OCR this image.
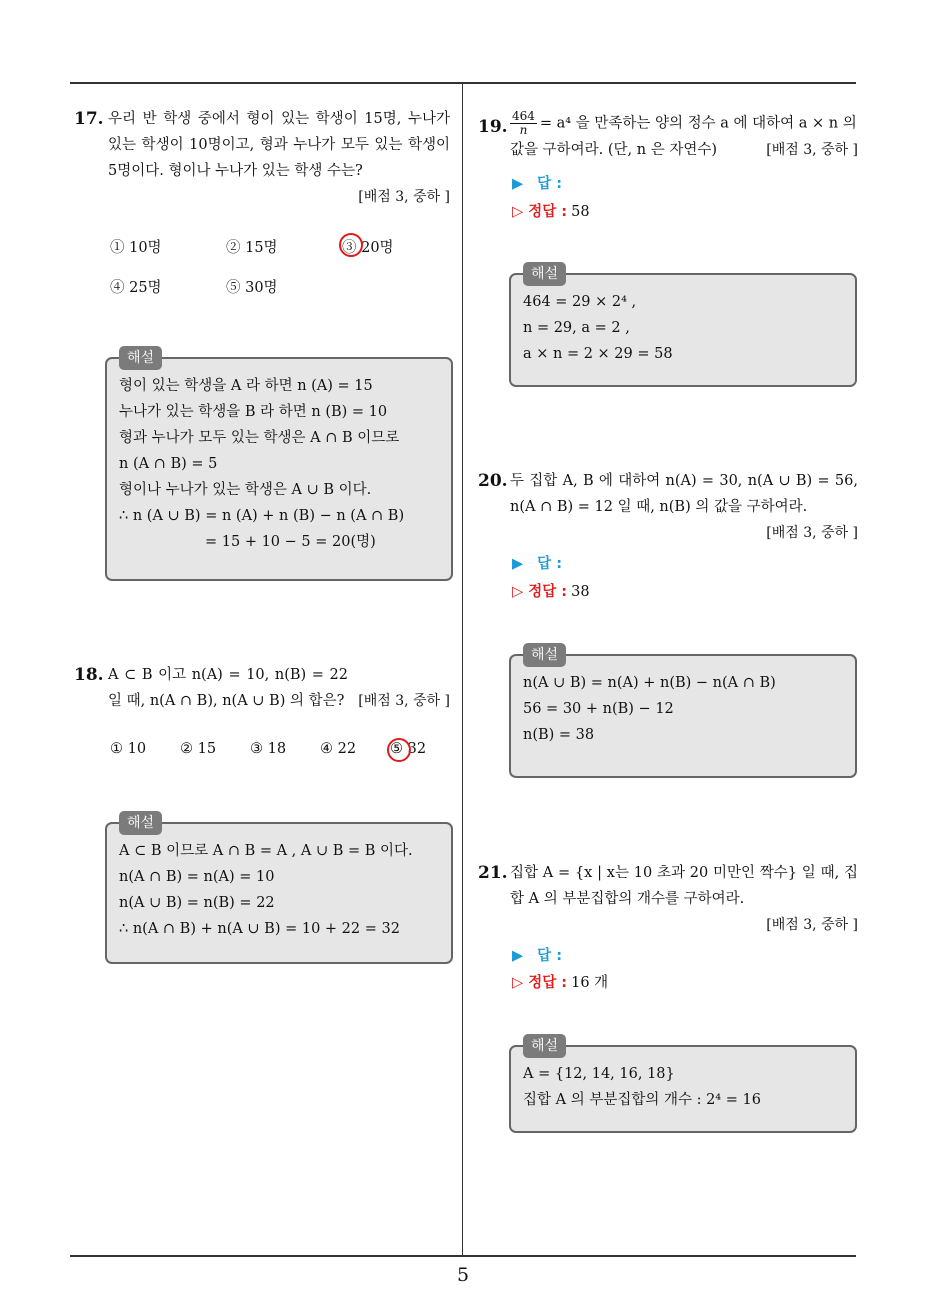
17. 우리 반 학생 중에서 형이 있는 학생이 15명, 누나가 있는 학생이 10명이고, 형과 누나가 모두 있는 학생이 5명이다. 형이나 누나가 있는 학생 수는?
[배점 3, 중하 ]
① 10명	② 15명	③ 20명
④ 25명	⑤ 30명
해설
형이 있는 학생을 A 라 하면 n (A) = 15
누나가 있는 학생을 B 라 하면 n (B) = 10
형과 누나가 모두 있는 학생은 A ∩ B 이므로
n (A ∩ B) = 5
형이나 누나가 있는 학생은 A ∪ B 이다.
∴ n (A ∪ B) = n (A) + n (B) − n (A ∩ B)
= 15 + 10 − 5 = 20(명)
18. A ⊂ B 이고 n(A) = 10, n(B) = 22 일 때, n(A ∩ B), n(A ∪ B) 의 합은? [배점 3, 중하 ]
① 10 ② 15 ③ 18 ④ 22 ⑤ 32
해설
A ⊂ B 이므로 A ∩ B = A , A ∪ B = B 이다.
n(A ∩ B) = n(A) = 10
n(A ∪ B) = n(B) = 22
∴ n(A ∩ B) + n(A ∪ B) = 10 + 22 = 32
19. $\frac{464}{n} = a^4$ 을 만족하는 양의 정수 a 에 대하여 a × n 의
값을 구하여라. (단, n 은 자연수)	[배점 3, 중하 ]
▶ 답 :
▷ 정답 : 58
해설
464 = 29 × 2⁴ ,
n = 29, a = 2 ,
a × n = 2 × 29 = 58
20. 두 집합 A, B 에 대하여 n(A) = 30, n(A ∪ B) = 56, n(A ∩ B) = 12 일 때, n(B) 의 값을 구하여라.
[배점 3, 중하 ]
▶ 답 :
▷ 정답 : 38
해설
n(A ∪ B) = n(A) + n(B) − n(A ∩ B)
56 = 30 + n(B) − 12
n(B) = 38
21. 집합 A = {x | x는 10 초과 20 미만인 짝수} 일 때, 집합 A 의 부분집합의 개수를 구하여라.
[배점 3, 중하 ]
▶ 답 :
▷ 정답 : 16 개
해설
A = {12, 14, 16, 18}
집합 A 의 부분집합의 개수 : 2⁴ = 16
5
